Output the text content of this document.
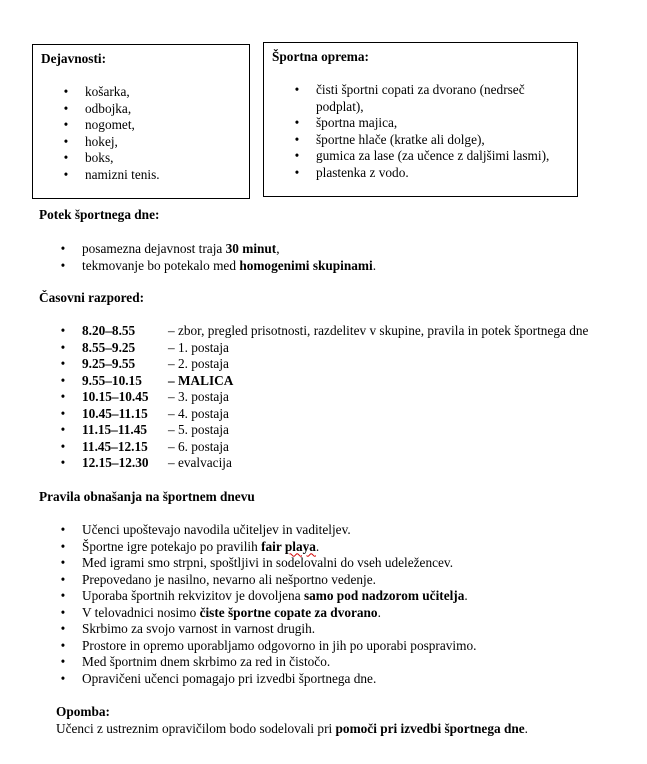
Dejavnosti:
• košarka,
• odbojka,
• nogomet,
• hokej,
• boks,
• namizni tenis.
Športna oprema:
• čisti športni copati za dvorano (nedrseč podplat),
• športna majica,
• športne hlače (kratke ali dolge),
• gumica za lase (za učence z daljšimi lasmi),
• plastenka z vodo.
Potek športnega dne:
• posamezna dejavnost traja 30 minut,
• tekmovanje bo potekalo med homogenimi skupinami.
Časovni razpored:
• 8.20–8.55 – zbor, pregled prisotnosti, razdelitev v skupine, pravila in potek športnega dne
• 8.55–9.25 – 1. postaja
• 9.25–9.55 – 2. postaja
• 9.55–10.15 – MALICA
• 10.15–10.45 – 3. postaja
• 10.45–11.15 – 4. postaja
• 11.15–11.45 – 5. postaja
• 11.45–12.15 – 6. postaja
• 12.15–12.30 – evalvacija
Pravila obnašanja na športnem dnevu
• Učenci upoštevajo navodila učiteljev in vaditeljev.
• Športne igre potekajo po pravilih fair playa.
• Med igrami smo strpni, spoštljivi in sodelovalni do vseh udeležencev.
• Prepovedano je nasilno, nevarno ali nešportno vedenje.
• Uporaba športnih rekvizitov je dovoljena samo pod nadzorom učitelja.
• V telovadnici nosimo čiste športne copate za dvorano.
• Skrbimo za svojo varnost in varnost drugih.
• Prostore in opremo uporabljamo odgovorno in jih po uporabi pospravimo.
• Med športnim dnem skrbimo za red in čistočo.
• Opravičeni učenci pomagajo pri izvedbi športnega dne.
Opomba:
Učenci z ustreznim opravičilom bodo sodelovali pri pomoči pri izvedbi športnega dne.
